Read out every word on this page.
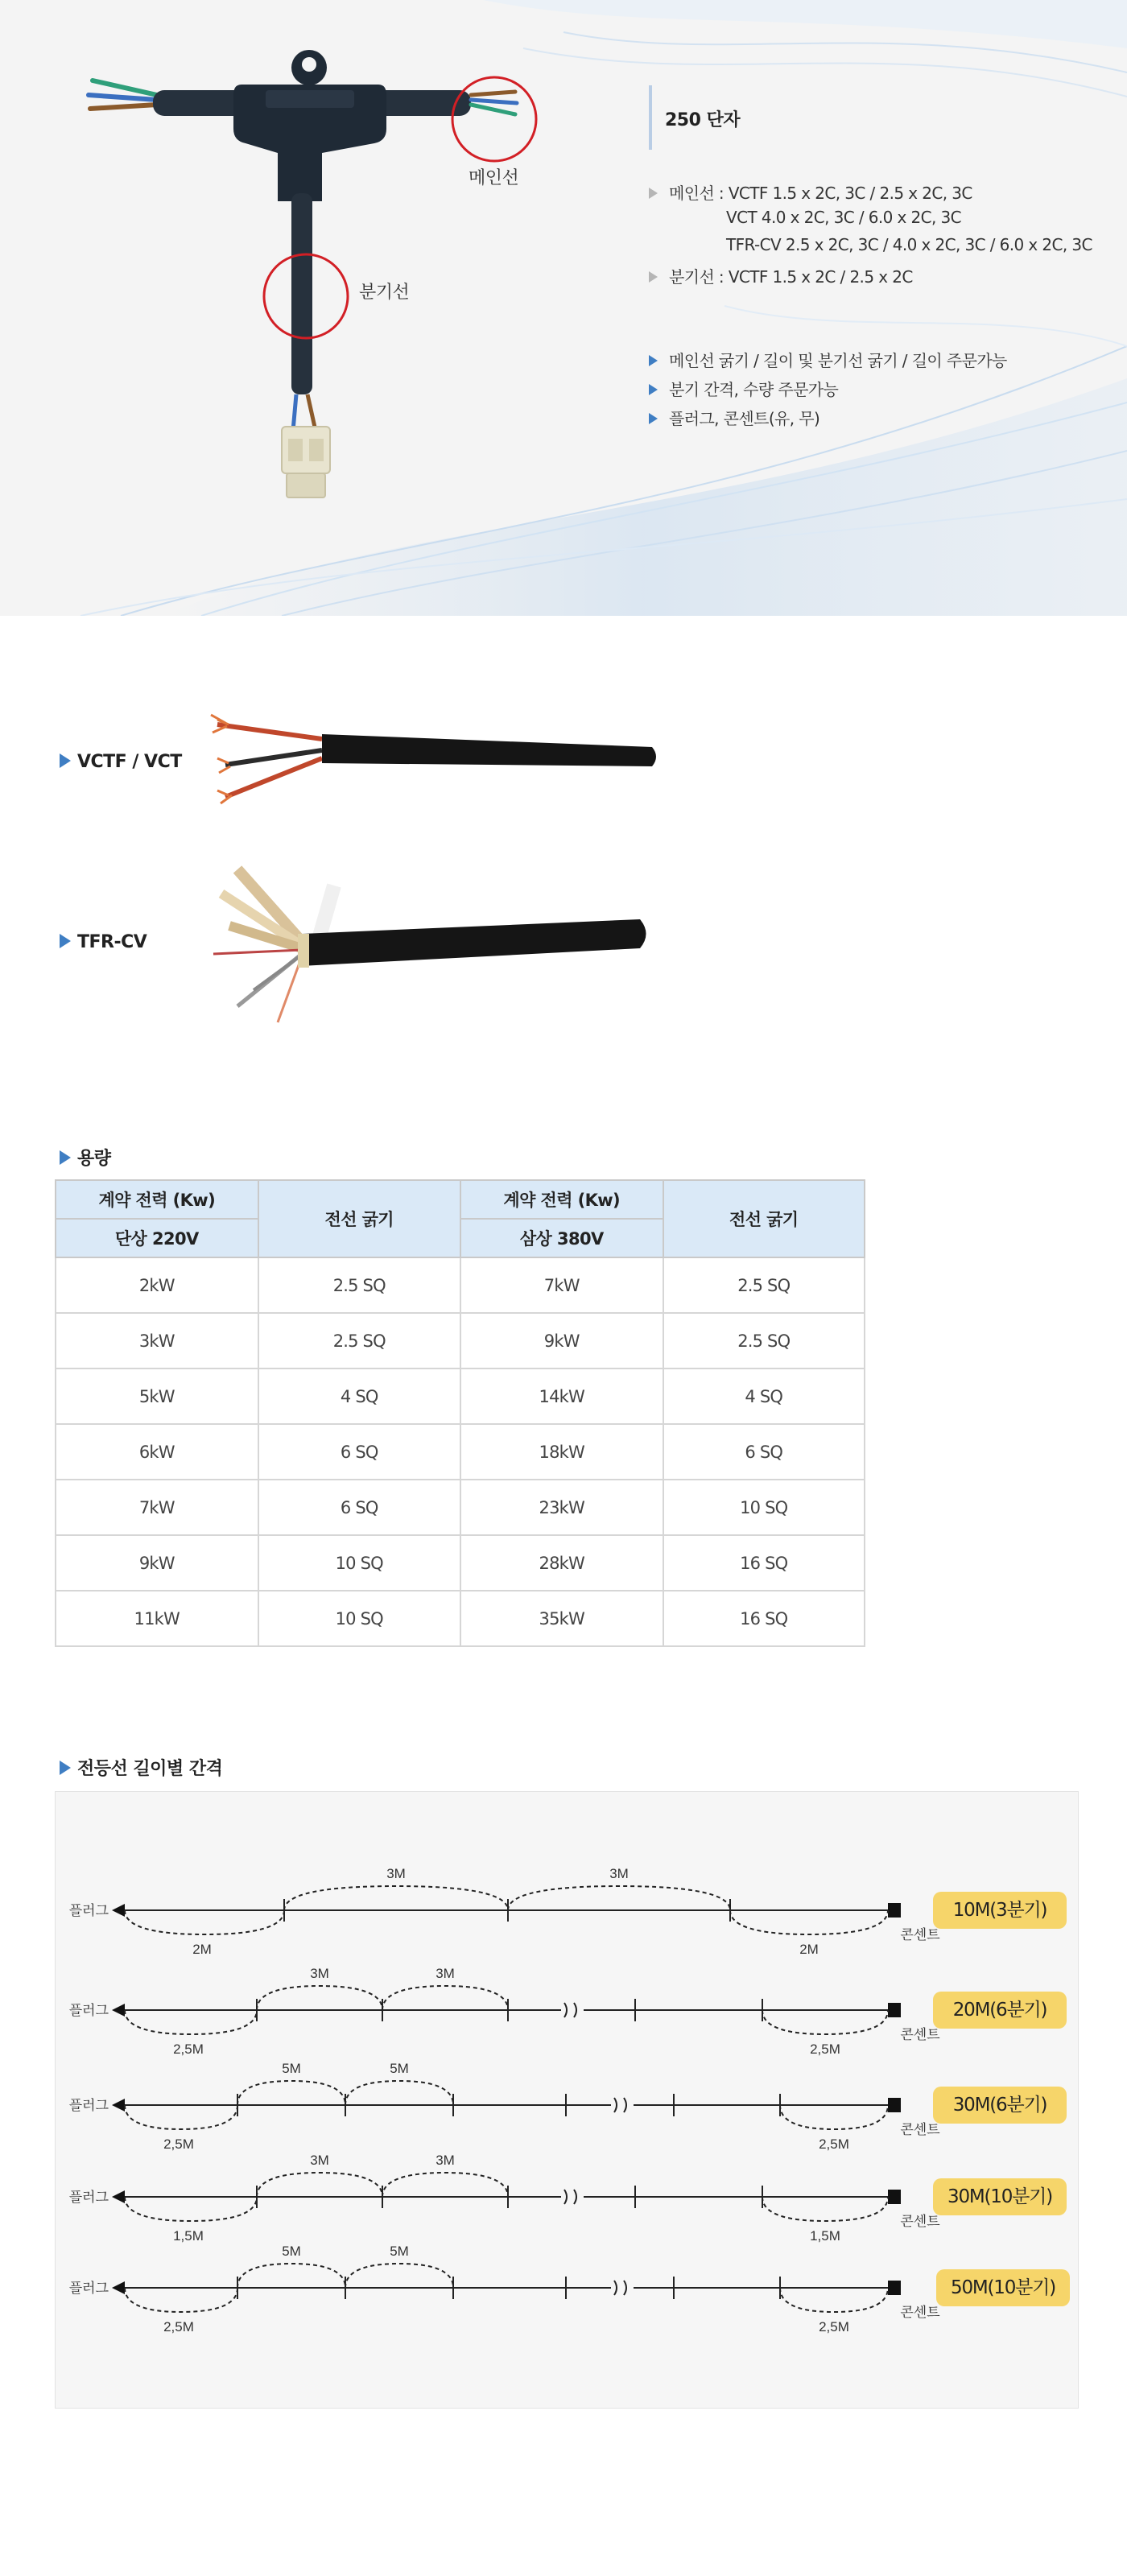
메인선
분기선
250 단자
메인선 : VCTF 1.5 x 2C, 3C / 2.5 x 2C, 3C
VCT 4.0 x 2C, 3C / 6.0 x 2C, 3C
TFR-CV 2.5 x 2C, 3C / 4.0 x 2C, 3C / 6.0 x 2C, 3C
분기선 : VCTF 1.5 x 2C / 2.5 x 2C
메인선 굵기 / 길이 및 분기선 굵기 / 길이 주문가능
분기 간격, 수량 주문가능
플러그, 콘센트(유, 무)
VCTF / VCT
TFR-CV
용량
계약 전력 (Kw)	전선 굵기	계약 전력 (Kw)	전선 굵기
단상 220V		삼상 380V	
2kW	2.5 SQ	7kW	2.5 SQ
3kW	2.5 SQ	9kW	2.5 SQ
5kW	4 SQ	14kW	4 SQ
6kW	6 SQ	18kW	6 SQ
7kW	6 SQ	23kW	10 SQ
9kW	10 SQ	28kW	16 SQ
11kW	10 SQ	35kW	16 SQ
전등선 길이별 간격
플러그
콘센트
2M	2M
3M	3M
플러그
콘센트
2,5M	2,5M
3M	3M
플러그
콘센트
2,5M	2,5M
5M	5M
플러그
콘센트
1,5M	1,5M
3M	3M
플러그
콘센트
2,5M	2,5M
5M	5M
10M(3분기)
20M(6분기)
30M(6분기)
30M(10분기)
50M(10분기)
